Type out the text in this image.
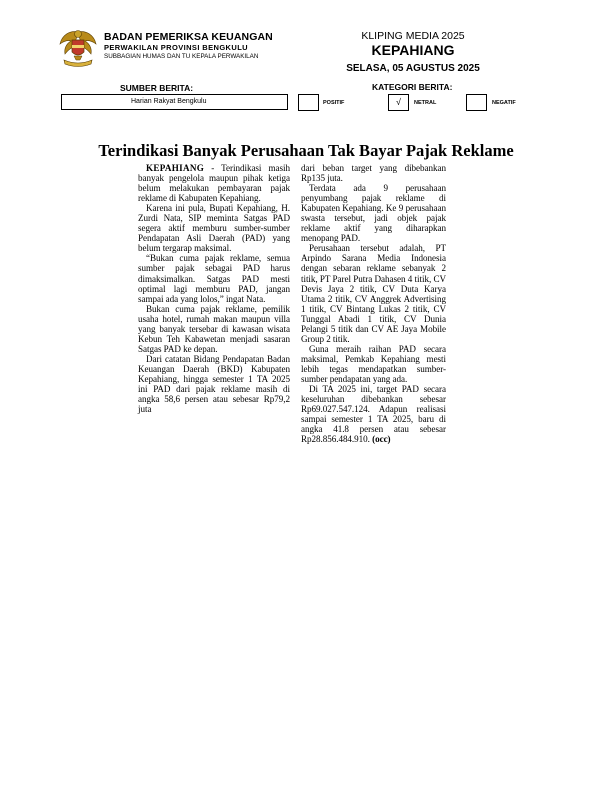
BADAN PEMERIKSA KEUANGAN
PERWAKILAN PROVINSI BENGKULU
SUBBAGIAN HUMAS DAN TU KEPALA PERWAKILAN
KLIPING MEDIA 2025
KEPAHIANG
SELASA, 05 AGUSTUS 2025
SUMBER BERITA:	KATEGORI BERITA:
Harian Rakyat Bengkulu	POSITIF	√	NETRAL	NEGATIF
Terindikasi Banyak Perusahaan Tak Bayar Pajak Reklame

KEPAHIANG - Terindikasi masih banyak pengelola maupun pihak ketiga belum melakukan pembayaran pajak reklame di Kabupaten Kepahiang.

Karena ini pula, Bupati Kepahiang, H. Zurdi Nata, SIP meminta Satgas PAD segera aktif memburu sumber-sumber Pendapatan Asli Daerah (PAD) yang belum tergarap maksimal.

“Bukan cuma pajak reklame, semua sumber pajak sebagai PAD harus dimaksimalkan. Satgas PAD mesti optimal lagi memburu PAD, jangan sampai ada yang lolos,” ingat Nata.

Bukan cuma pajak reklame, pemilik usaha hotel, rumah makan maupun villa yang banyak tersebar di kawasan wisata Kebun Teh Kabawetan menjadi sasaran Satgas PAD ke depan.

Dari catatan Bidang Pendapatan Badan Keuangan Daerah (BKD) Kabupaten Kepahiang, hingga semester 1 TA 2025 ini PAD dari pajak reklame masih di angka 58,6 persen atau sebesar Rp79,2 juta

dari beban target yang dibebankan Rp135 juta.

Terdata ada 9 perusahaan penyumbang pajak reklame di Kabupaten Kepahiang. Ke 9 perusahaan swasta tersebut, jadi objek pajak reklame aktif yang diharapkan menopang PAD.

Perusahaan tersebut adalah, PT Arpindo Sarana Media Indonesia dengan sebaran reklame sebanyak 2 titik, PT Parel Putra Dahasen 4 titik, CV Devis Jaya 2 titik, CV Duta Karya Utama 2 titik, CV Anggrek Advertising 1 titik, CV Bintang Lukas 2 titik, CV Tunggal Abadi 1 titik, CV Dunia Pelangi 5 titik dan CV AE Jaya Mobile Group 2 titik.

Guna meraih raihan PAD secara maksimal, Pemkab Kepahiang mesti lebih tegas mendapatkan sumber-sumber pendapatan yang ada.

Di TA 2025 ini, target PAD secara keseluruhan dibebankan sebesar Rp69.027.547.124. Adapun realisasi sampai semester 1 TA 2025, baru di angka 41.8 persen atau sebesar Rp28.856.484.910. (occ)
